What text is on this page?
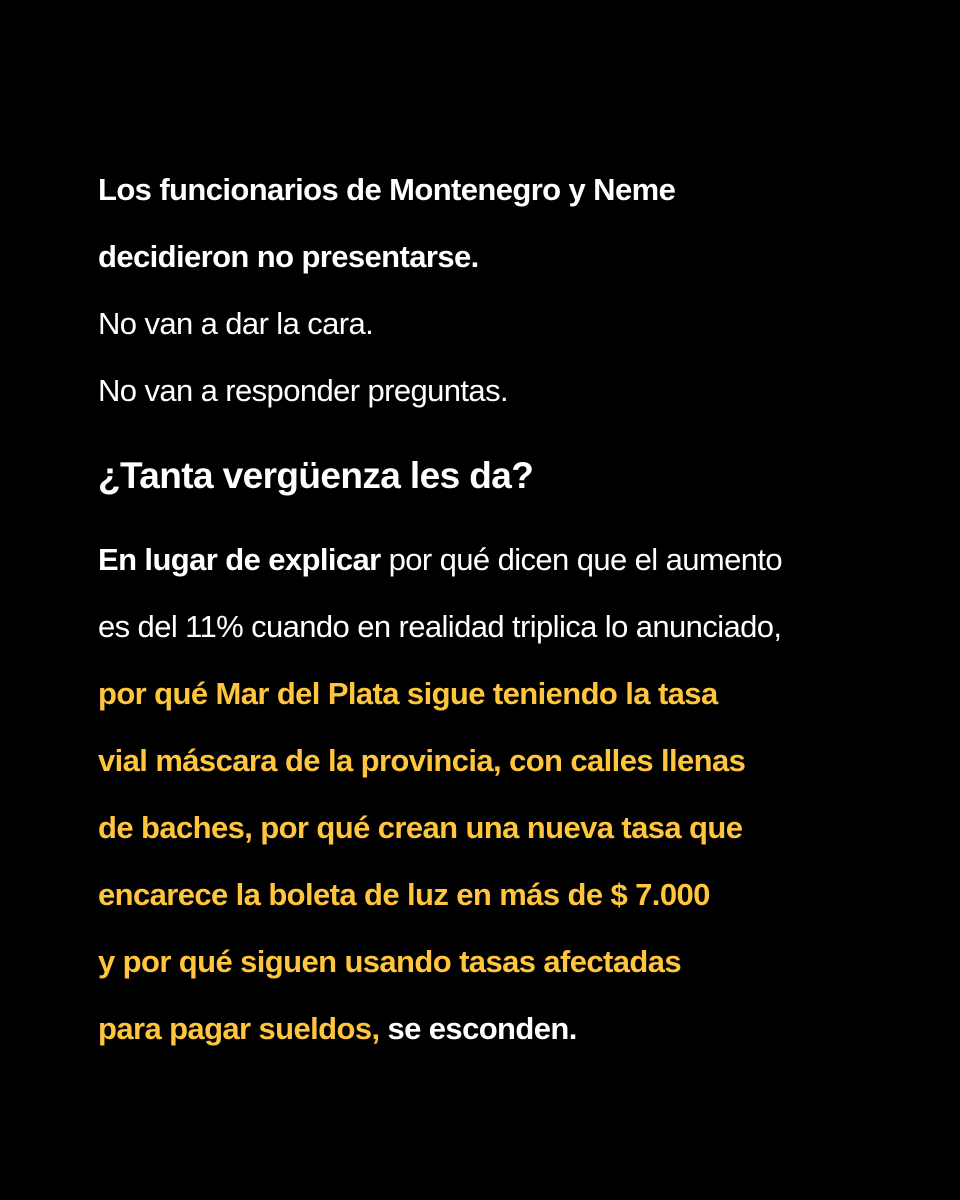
Los funcionarios de Montenegro y Neme
decidieron no presentarse.
No van a dar la cara.
No van a responder preguntas.
¿Tanta vergüenza les da?
En lugar de explicar por qué dicen que el aumento
es del 11% cuando en realidad triplica lo anunciado,
por qué Mar del Plata sigue teniendo la tasa
vial máscara de la provincia, con calles llenas
de baches, por qué crean una nueva tasa que
encarece la boleta de luz en más de $ 7.000
y por qué siguen usando tasas afectadas
para pagar sueldos, se esconden.
